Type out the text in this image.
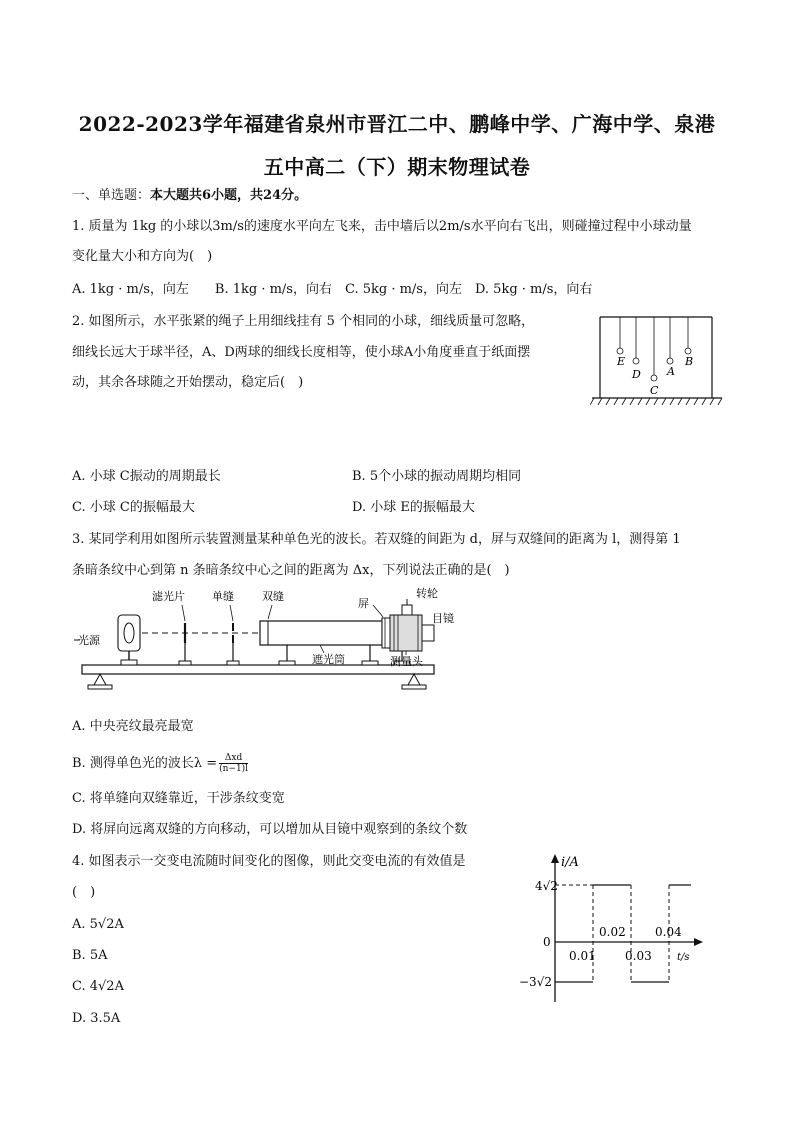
2022-2023学年福建省泉州市晋江二中、鹏峰中学、广海中学、泉港
五中高二（下）期末物理试卷
一、单选题：本大题共6小题，共24分。
1. 质量为 1kg 的小球以3m/s的速度水平向左飞来，击中墙后以2m/s水平向右飞出，则碰撞过程中小球动量
变化量大小和方向为(　)
A. 1kg · m/s，向左　　B. 1kg · m/s，向右　C. 5kg · m/s，向左　D. 5kg · m/s，向右
2. 如图所示，水平张紧的绳子上用细线挂有 5 个相同的小球，细线质量可忽略，
细线长远大于球半径，A、D两球的细线长度相等，使小球A小角度垂直于纸面摆
动，其余各球随之开始摆动，稳定后(　)
E
D
C
A
B
A. 小球 C振动的周期最长	B. 5个小球的振动周期均相同
C. 小球 C的振幅最大	D. 小球 E的振幅最大
3. 某同学利用如图所示装置测量某种单色光的波长。若双缝的间距为 d，屏与双缝间的距离为 l，测得第 1
条暗条纹中心到第 n 条暗条纹中心之间的距离为 Δx，下列说法正确的是(　)
光源
滤光片 单缝	双缝
遮光筒
屏
转轮
目镜
测量头
A. 中央亮纹最亮最宽
B. 测得单色光的波长$\lambda = \frac{\text{Δxd}}{(n-1)l}$
C. 将单缝向双缝靠近，干涉条纹变宽
D. 将屏向远离双缝的方向移动，可以增加从目镜中观察到的条纹个数
4. 如图表示一交变电流随时间变化的图像，则此交变电流的有效值是
(　)
A. 5√2A
B. 5A
C. 4√2A
D. 3.5A
i/A
t/s
0
4√2
−3√2
0.02 0.04
0.01 0.03
